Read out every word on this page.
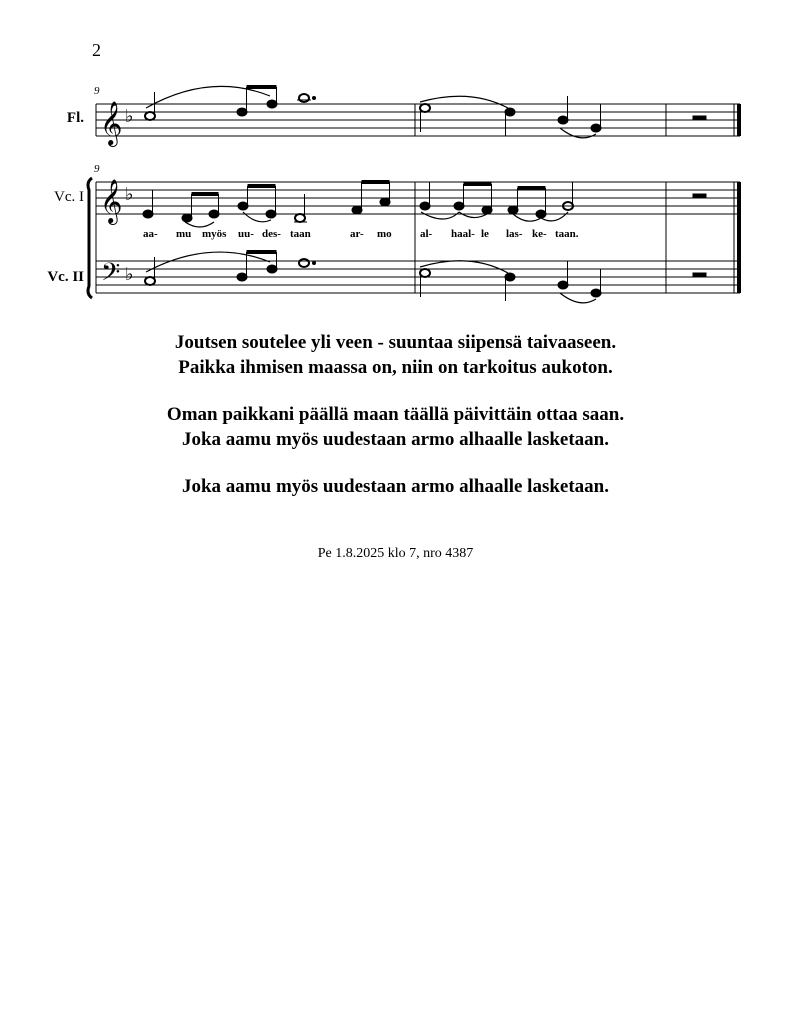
2
9
9
𝄞 ♭
𝄞 ♭
aa- mu myös uu- des- taan	ar- mo	al- haal- le las- ke- taan.
𝄢 ♭
Fl.
Vc. I
Vc. II
Joutsen soutelee yli veen - suuntaa siipensä taivaaseen.
Paikka ihmisen maassa on, niin on tarkoitus aukoton.
Oman paikkani päällä maan täällä päivittäin ottaa saan.
Joka aamu myös uudestaan armo alhaalle lasketaan.
Joka aamu myös uudestaan armo alhaalle lasketaan.
Pe 1.8.2025 klo 7, nro 4387
